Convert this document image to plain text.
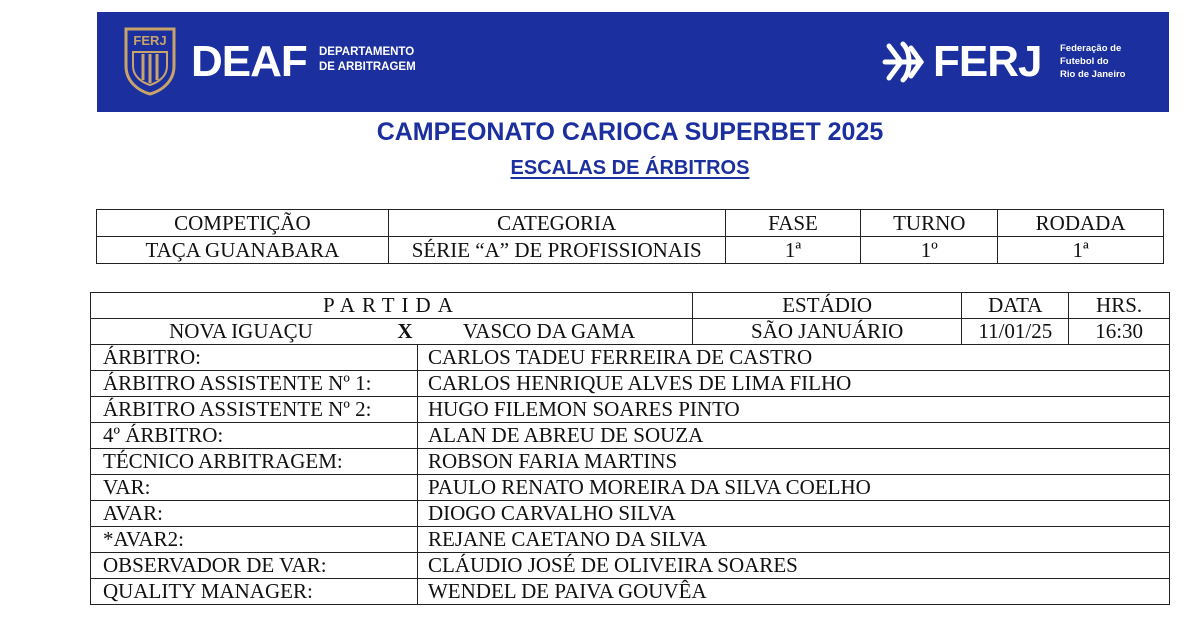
FERJ DEAF DEPARTAMENTO
DE ARBITRAGEM	FERJ Federação de
Futebol do
Rio de Janeiro
CAMPEONATO CARIOCA SUPERBET 2025
ESCALAS DE ÁRBITROS
COMPETIÇÃO	CATEGORIA	FASE	TURNO	RODADA
TAÇA GUANABARA	SÉRIE “A” DE PROFISSIONAIS	1ª	1º	1ª
PARTIDA		ESTÁDIO	DATA	HRS.
NOVA IGUAÇU X VASCO DA GAMA		SÃO JANUÁRIO	11/01/25	16:30
ÁRBITRO:	CARLOS TADEU FERREIRA DE CASTRO			
ÁRBITRO ASSISTENTE Nº 1:	CARLOS HENRIQUE ALVES DE LIMA FILHO			
ÁRBITRO ASSISTENTE Nº 2:	HUGO FILEMON SOARES PINTO			
4º ÁRBITRO:	ALAN DE ABREU DE SOUZA			
TÉCNICO ARBITRAGEM:	ROBSON FARIA MARTINS			
VAR:	PAULO RENATO MOREIRA DA SILVA COELHO			
AVAR:	DIOGO CARVALHO SILVA			
*AVAR2:	REJANE CAETANO DA SILVA			
OBSERVADOR DE VAR:	CLÁUDIO JOSÉ DE OLIVEIRA SOARES			
QUALITY MANAGER:	WENDEL DE PAIVA GOUVÊA			
